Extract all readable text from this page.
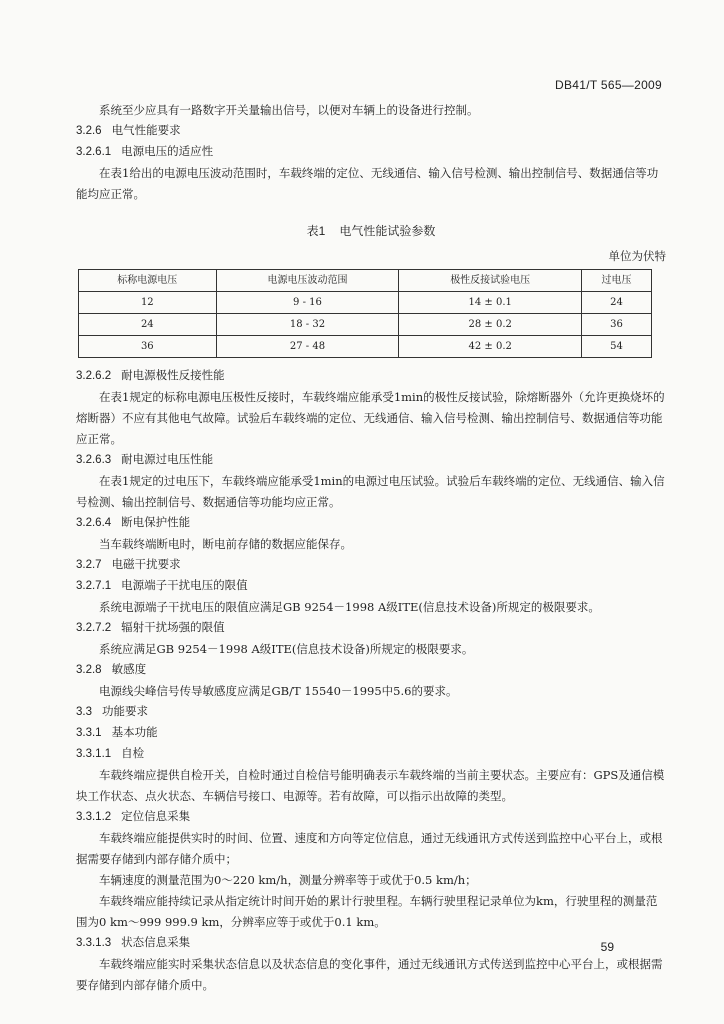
DB41/T 565—2009

系统至少应具有一路数字开关量输出信号，以便对车辆上的设备进行控制。

3.2.6 电气性能要求

3.2.6.1 电源电压的适应性

在表1给出的电源电压波动范围时，车载终端的定位、无线通信、输入信号检测、输出控制信号、数据通信等功能均应正常。

表1 电气性能试验参数
单位为伏特
标称电源电压	电源电压波动范围	极性反接试验电压	过电压
12	9 - 16	14 ± 0.1	24
24	18 - 32	28 ± 0.2	36
36	27 - 48	42 ± 0.2	54

3.2.6.2 耐电源极性反接性能

在表1规定的标称电源电压极性反接时，车载终端应能承受1min的极性反接试验，除熔断器外（允许更换烧坏的熔断器）不应有其他电气故障。试验后车载终端的定位、无线通信、输入信号检测、输出控制信号、数据通信等功能应正常。

3.2.6.3 耐电源过电压性能

在表1规定的过电压下，车载终端应能承受1min的电源过电压试验。试验后车载终端的定位、无线通信、输入信号检测、输出控制信号、数据通信等功能均应正常。

3.2.6.4 断电保护性能

当车载终端断电时，断电前存储的数据应能保存。

3.2.7 电磁干扰要求

3.2.7.1 电源端子干扰电压的限值

系统电源端子干扰电压的限值应满足GB 9254－1998 A级ITE(信息技术设备)所规定的极限要求。

3.2.7.2 辐射干扰场强的限值

系统应满足GB 9254－1998 A级ITE(信息技术设备)所规定的极限要求。

3.2.8 敏感度

电源线尖峰信号传导敏感度应满足GB/T 15540－1995中5.6的要求。

3.3 功能要求

3.3.1 基本功能

3.3.1.1 自检

车载终端应提供自检开关，自检时通过自检信号能明确表示车载终端的当前主要状态。主要应有：GPS及通信模块工作状态、点火状态、车辆信号接口、电源等。若有故障，可以指示出故障的类型。

3.3.1.2 定位信息采集

车载终端应能提供实时的时间、位置、速度和方向等定位信息，通过无线通讯方式传送到监控中心平台上，或根据需要存储到内部存储介质中；

车辆速度的测量范围为0～220 km/h，测量分辨率等于或优于0.5 km/h；

车载终端应能持续记录从指定统计时间开始的累计行驶里程。车辆行驶里程记录单位为km，行驶里程的测量范围为0 km～999 999.9 km，分辨率应等于或优于0.1 km。

3.3.1.3 状态信息采集

车载终端应能实时采集状态信息以及状态信息的变化事件，通过无线通讯方式传送到监控中心平台上，或根据需要存储到内部存储介质中。

59
